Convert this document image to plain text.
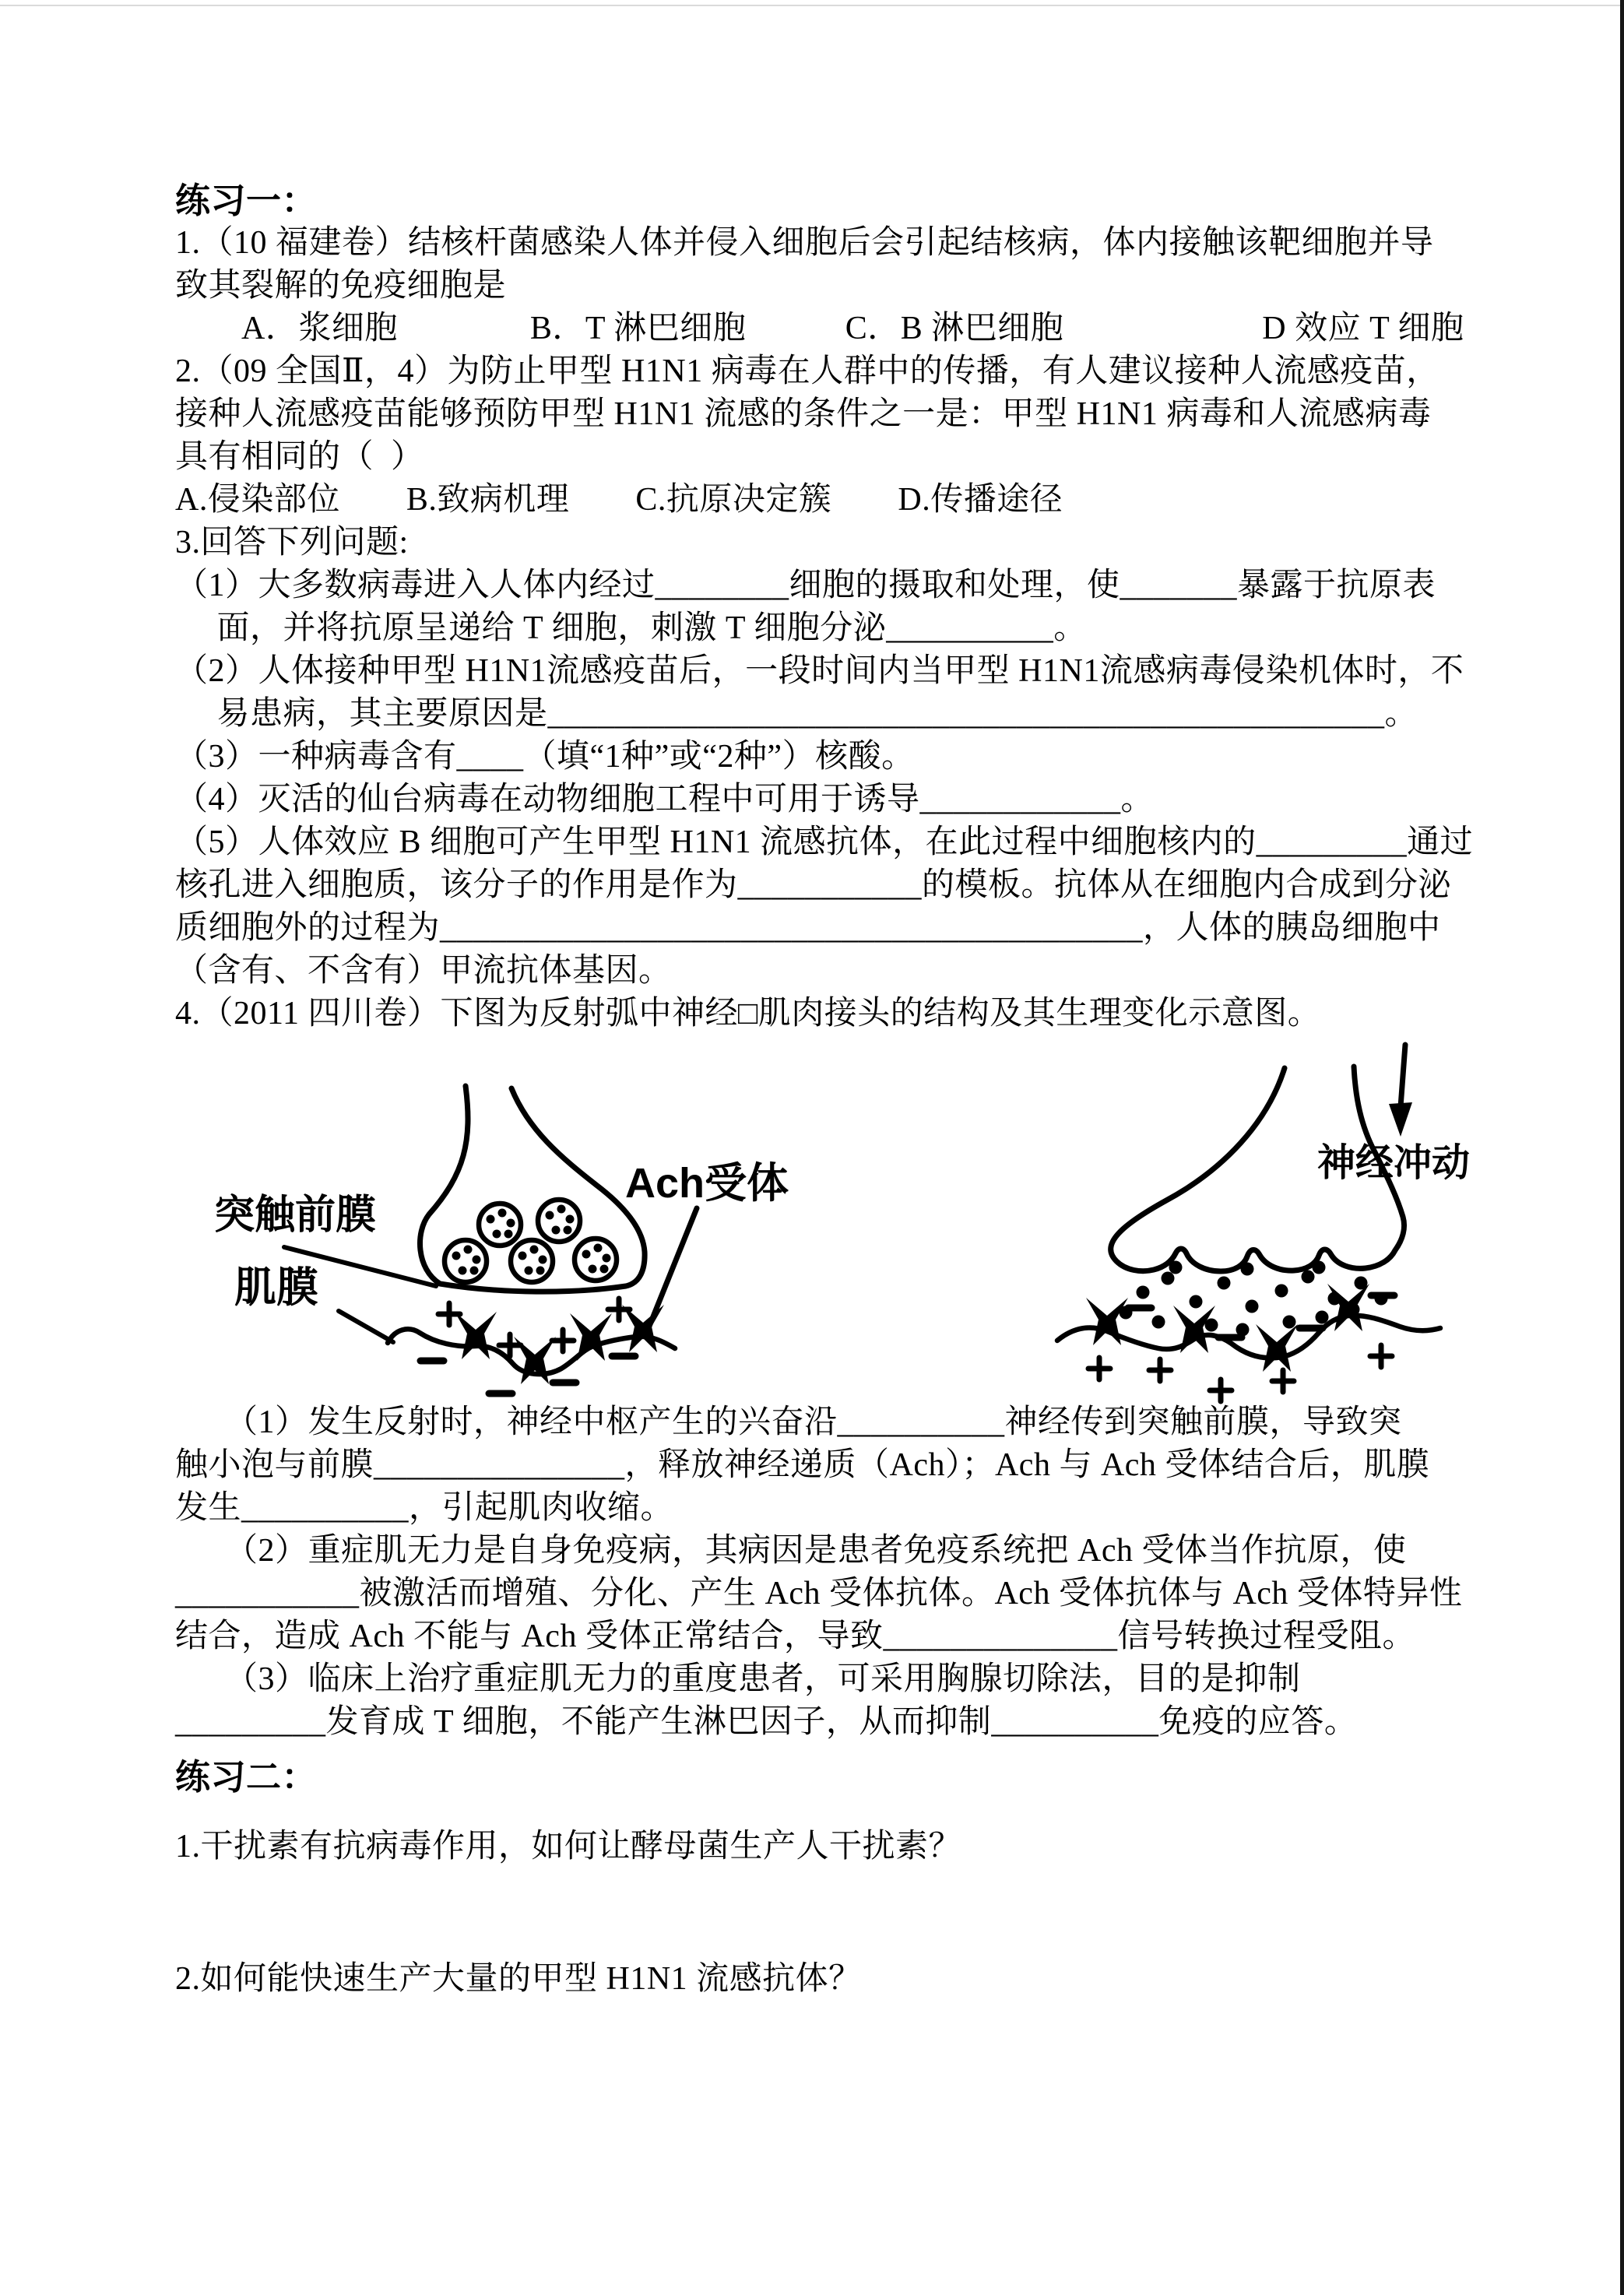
练习一：
1.（10 福建卷）结核杆菌感染人体并侵入细胞后会引起结核病，体内接触该靶细胞并导
致其裂解的免疫细胞是
　　A．浆细胞　　　　B．T 淋巴细胞　　　C．B 淋巴细胞　　　　　　D 效应 T 细胞
2.（09 全国Ⅱ，4）为防止甲型 H1N1 病毒在人群中的传播，有人建议接种人流感疫苗，
接种人流感疫苗能够预防甲型 H1N1 流感的条件之一是：甲型 H1N1 病毒和人流感病毒
具有相同的（  ）
A.侵染部位　　B.致病机理　　C.抗原决定簇　　D.传播途径
3.回答下列问题:
（1）大多数病毒进入人体内经过________细胞的摄取和处理，使_______暴露于抗原表
　 面，并将抗原呈递给 T 细胞，刺激 T 细胞分泌__________。
（2）人体接种甲型 H1N1流感疫苗后，一段时间内当甲型 H1N1流感病毒侵染机体时，不
　 易患病，其主要原因是__________________________________________________。
（3）一种病毒含有____（填“1种”或“2种”）核酸。
（4）灭活的仙台病毒在动物细胞工程中可用于诱导____________。
（5）人体效应 B 细胞可产生甲型 H1N1 流感抗体，在此过程中细胞核内的_________通过
核孔进入细胞质，该分子的作用是作为___________的模板。抗体从在细胞内合成到分泌
质细胞外的过程为__________________________________________，人体的胰岛细胞中
（含有、不含有）甲流抗体基因。
4.（2011 四川卷）下图为反射弧中神经□肌肉接头的结构及其生理变化示意图。
突触前膜
肌膜
Ach受体	神经冲动
　　（1）发生反射时，神经中枢产生的兴奋沿__________神经传到突触前膜，导致突
触小泡与前膜_______________，释放神经递质（Ach）；Ach 与 Ach 受体结合后，肌膜
发生__________，引起肌肉收缩。
　　（2）重症肌无力是自身免疫病，其病因是患者免疫系统把 Ach 受体当作抗原，使
___________被激活而增殖、分化、产生 Ach 受体抗体。Ach 受体抗体与 Ach 受体特异性
结合，造成 Ach 不能与 Ach 受体正常结合，导致______________信号转换过程受阻。
　　（3）临床上治疗重症肌无力的重度患者，可采用胸腺切除法，目的是抑制
_________发育成 T 细胞，不能产生淋巴因子，从而抑制__________免疫的应答。
练习二：
1.干扰素有抗病毒作用，如何让酵母菌生产人干扰素？
2.如何能快速生产大量的甲型 H1N1 流感抗体？
